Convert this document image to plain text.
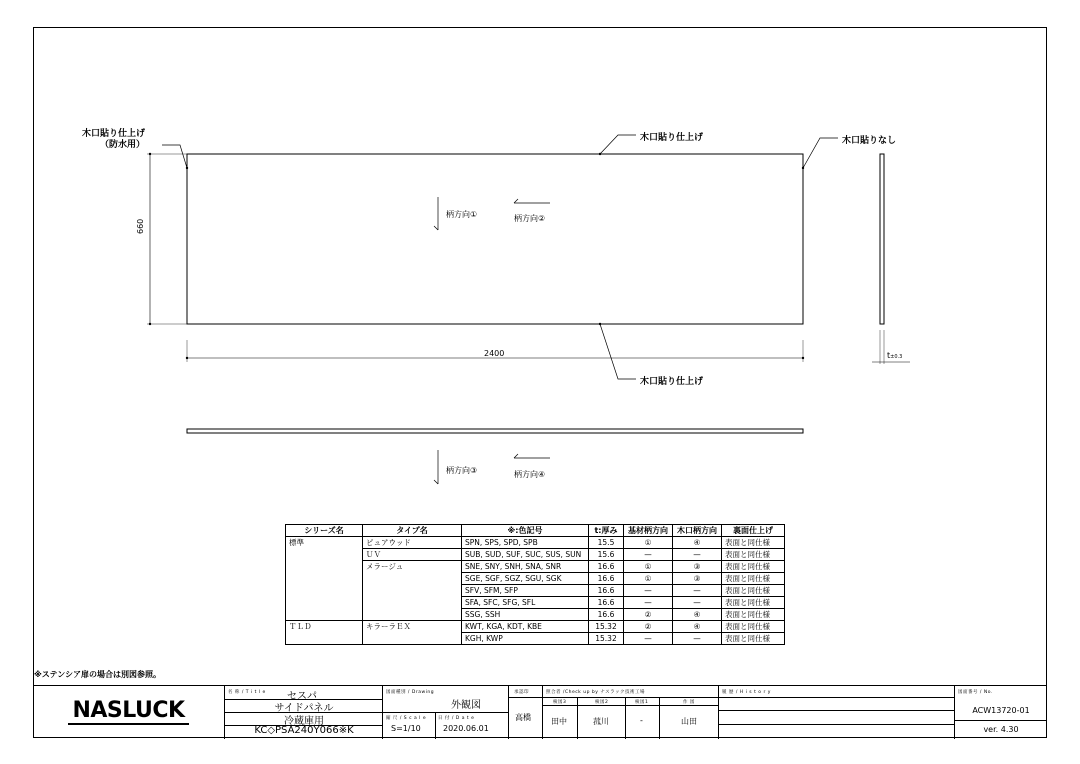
木口貼り仕上げ
（防水用）
木口貼り仕上げ	木口貼りなし
木口貼り仕上げ
660
2400	t±0.3
柄方向①	柄方向②
柄方向③	柄方向④
シリーズ名	タイプ名	※:色記号	t:厚み	基材柄方向	木口柄方向	裏面仕上げ
標準	ピュアウッド	SPN, SPS, SPD, SPB	15.5	①	④	表面と同仕様
	ＵＶ	SUB, SUD, SUF, SUC, SUS, SUN	15.6	—	—	表面と同仕様
	メラージュ	SNE, SNY, SNH, SNA, SNR	16.6	①	③	表面と同仕様
		SGE, SGF, SGZ, SGU, SGK	16.6	①	③	表面と同仕様
		SFV, SFM, SFP	16.6	—	—	表面と同仕様
		SFA, SFC, SFG, SFL	16.6	—	—	表面と同仕様
		SSG, SSH	16.6	②	④	表面と同仕様
ＴＬＤ	キラーラＥＸ	KWT, KGA, KDT, KBE	15.32	②	④	表面と同仕様
		KGH, KWP	15.32	—	—	表面と同仕様
※ステンシア扉の場合は別図参照。
NASLUCK
名 称 / T i t l e セスパ
サイドパネル
冷蔵庫用
KC◇PSA240Y066※K
図面種別 / Drawing
外観図
縮 尺 / S c a l e
S=1/10
日 付 / D a t e
2020.06.01
承認印
高橋
照合者 /Check up by ナスラック技術工場
検図3	検図2	検図1	作 図
田中	菰川	-	山田
履 歴 / H i s t o r y	図面番号 / No.
ACW13720-01
ver. 4.30
